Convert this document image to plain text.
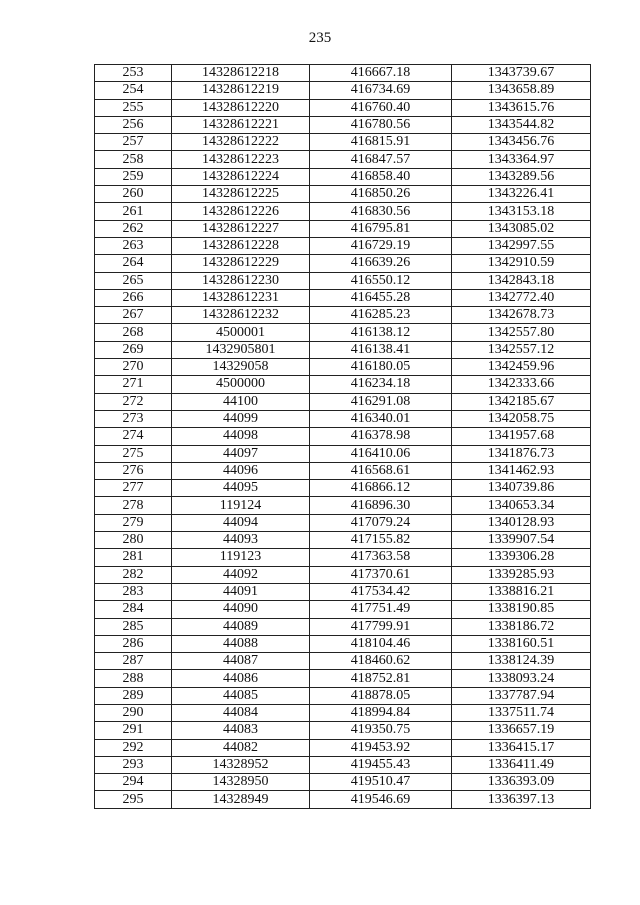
235
253	14328612218	416667.18	1343739.67
254	14328612219	416734.69	1343658.89
255	14328612220	416760.40	1343615.76
256	14328612221	416780.56	1343544.82
257	14328612222	416815.91	1343456.76
258	14328612223	416847.57	1343364.97
259	14328612224	416858.40	1343289.56
260	14328612225	416850.26	1343226.41
261	14328612226	416830.56	1343153.18
262	14328612227	416795.81	1343085.02
263	14328612228	416729.19	1342997.55
264	14328612229	416639.26	1342910.59
265	14328612230	416550.12	1342843.18
266	14328612231	416455.28	1342772.40
267	14328612232	416285.23	1342678.73
268	4500001	416138.12	1342557.80
269	1432905801	416138.41	1342557.12
270	14329058	416180.05	1342459.96
271	4500000	416234.18	1342333.66
272	44100	416291.08	1342185.67
273	44099	416340.01	1342058.75
274	44098	416378.98	1341957.68
275	44097	416410.06	1341876.73
276	44096	416568.61	1341462.93
277	44095	416866.12	1340739.86
278	119124	416896.30	1340653.34
279	44094	417079.24	1340128.93
280	44093	417155.82	1339907.54
281	119123	417363.58	1339306.28
282	44092	417370.61	1339285.93
283	44091	417534.42	1338816.21
284	44090	417751.49	1338190.85
285	44089	417799.91	1338186.72
286	44088	418104.46	1338160.51
287	44087	418460.62	1338124.39
288	44086	418752.81	1338093.24
289	44085	418878.05	1337787.94
290	44084	418994.84	1337511.74
291	44083	419350.75	1336657.19
292	44082	419453.92	1336415.17
293	14328952	419455.43	1336411.49
294	14328950	419510.47	1336393.09
295	14328949	419546.69	1336397.13
